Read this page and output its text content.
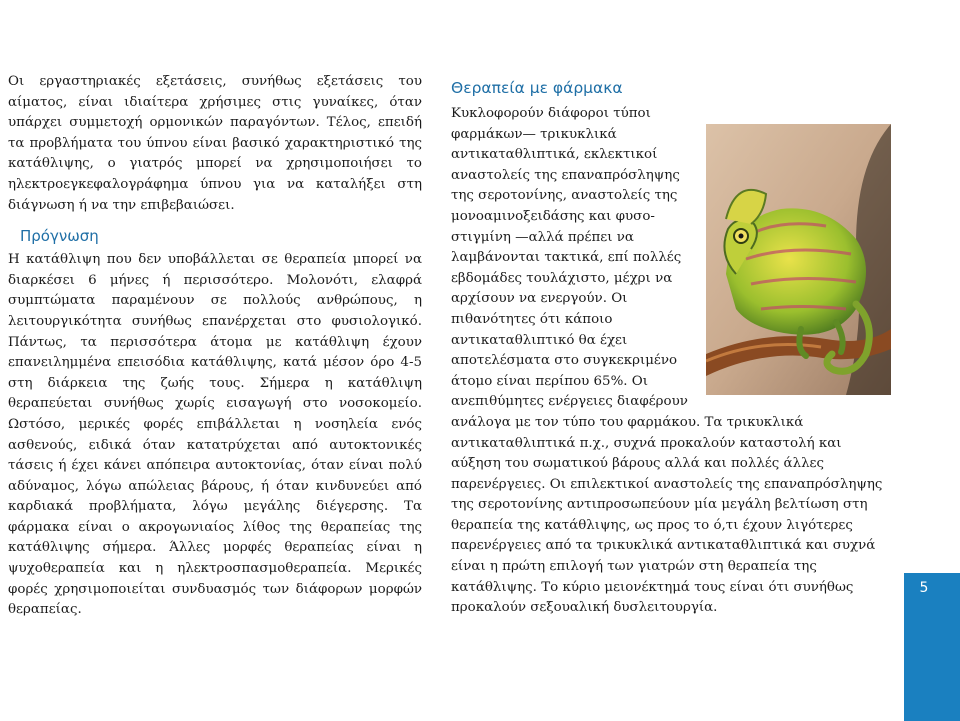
Οι εργαστηριακές εξετάσεις, συνήθως εξετάσεις του αίματος, είναι ιδιαίτερα χρήσιμες στις γυναίκες, όταν υπάρχει συμμετοχή ορμονικών παραγόντων. Τέλος, επειδή τα προβλήματα του ύπνου είναι βασικό χαρακτηριστικό της κατάθλιψης, ο γιατρός μπορεί να χρησιμοποιήσει το ηλεκτροεγκεφαλογράφημα ύπνου για να καταλήξει στη διάγνωση ή να την επιβεβαιώσει.

Πρόγνωση

Η κατάθλιψη που δεν υποβάλλεται σε θεραπεία μπορεί να διαρκέσει 6 μήνες ή περισσότερο. Μολονότι, ελαφρά συμπτώματα παραμένουν σε πολλούς ανθρώπους, η λειτουργικότητα συνήθως επανέρχεται στο φυσιολογικό. Πάντως, τα περισσότερα άτομα με κατάθλιψη έχουν επανειλημμένα επεισόδια κατάθλιψης, κατά μέσον όρο 4-5 στη διάρκεια της ζωής τους. Σήμερα η κατάθλιψη θεραπεύεται συνήθως χωρίς εισαγωγή στο νοσοκομείο. Ωστόσο, μερικές φορές επιβάλλεται η νοσηλεία ενός ασθενούς, ειδικά όταν κατατρύχεται από αυτοκτονικές τάσεις ή έχει κάνει απόπειρα αυτοκτονίας, όταν είναι πολύ αδύναμος, λόγω απώλειας βάρους, ή όταν κινδυνεύει από καρδιακά προβλήματα, λόγω μεγάλης διέγερσης. Τα φάρμακα είναι ο ακρογωνιαίος λίθος της θεραπείας της κατάθλιψης σήμερα. Άλλες μορφές θεραπείας είναι η ψυχοθεραπεία και η ηλεκτροσπασμοθεραπεία. Μερικές φορές χρησιμοποιείται συνδυασμός των διάφορων μορφών θεραπείας.

Θεραπεία με φάρμακα

Κυκλοφορούν διάφοροι τύποι φαρμάκων— τρικυκλικά αντικαταθλιπτικά, εκλεκτικοί αναστολείς της επαναπρόσληψης της σεροτονίνης, αναστολείς της μονοαμινοξειδάσης και φυσο-στιγμίνη —αλλά πρέπει να λαμβάνονται τακτικά, επί πολλές εβδομάδες τουλάχιστο, μέχρι να αρχίσουν να ενεργούν. Οι πιθανότητες ότι κάποιο αντικαταθλιπτικό θα έχει αποτελέσματα στο συγκεκριμένο άτομο είναι περίπου 65%. Οι ανεπιθύμητες ενέργειες διαφέρουν ανάλογα με τον τύπο του φαρμάκου. Τα τρικυκλικά αντικαταθλιπτικά π.χ., συχνά προκαλούν καταστολή και αύξηση του σωματικού βάρους αλλά και πολλές άλλες παρενέργειες. Οι επιλεκτικοί αναστολείς της επαναπρόσληψης της σεροτονίνης αντιπροσωπεύουν μία μεγάλη βελτίωση στη θεραπεία της κατάθλιψης, ως προς το ό,τι έχουν λιγότερες παρενέργειες από τα τρικυκλικά αντικαταθλιπτικά και συχνά είναι η πρώτη επιλογή των γιατρών στη θεραπεία της κατάθλιψης. Το κύριο μειονέκτημά τους είναι ότι συνήθως προκαλούν σεξουαλική δυσλειτουργία.

5
